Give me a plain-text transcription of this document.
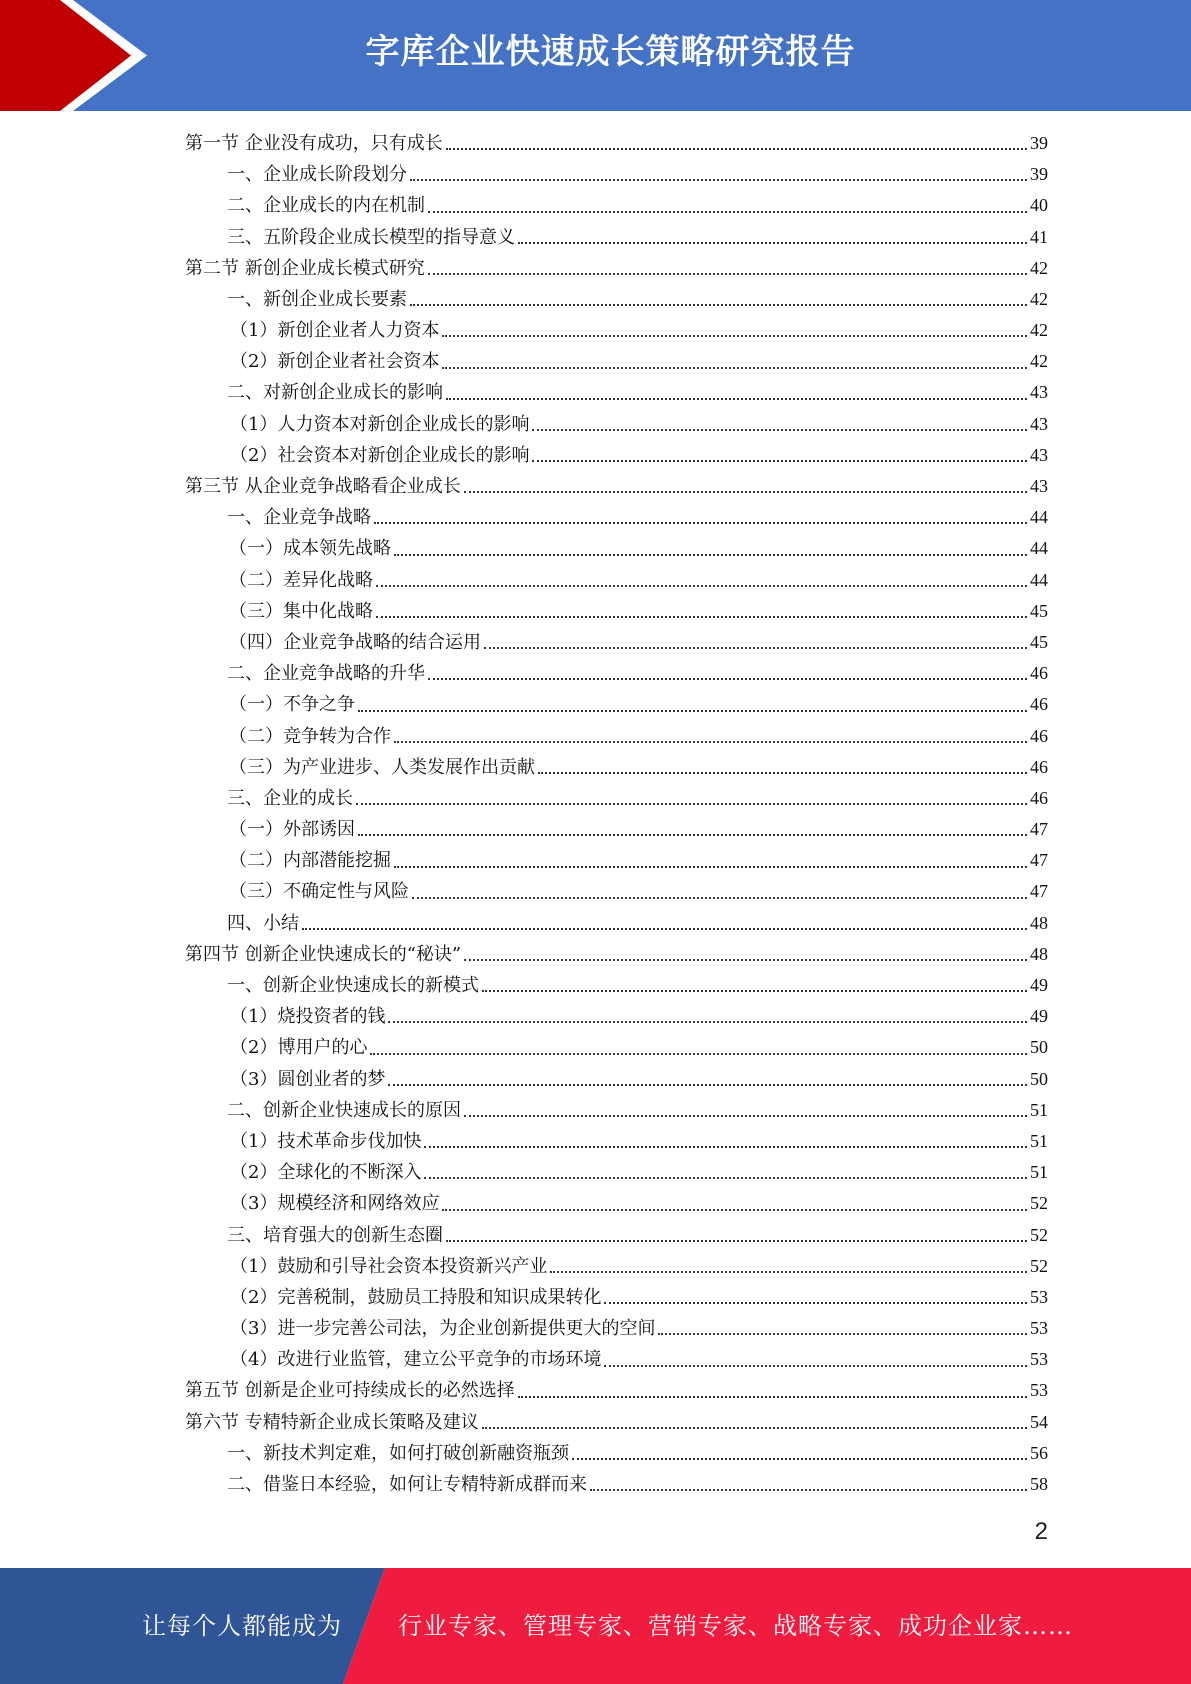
字库企业快速成长策略研究报告
第一节 企业没有成功，只有成长	39
一、企业成长阶段划分	39
二、企业成长的内在机制	40
三、五阶段企业成长模型的指导意义	41
第二节 新创企业成长模式研究	42
一、新创企业成长要素	42
（1）新创企业者人力资本	42
（2）新创企业者社会资本	42
二、对新创企业成长的影响	43
（1）人力资本对新创企业成长的影响	43
（2）社会资本对新创企业成长的影响	43
第三节 从企业竞争战略看企业成长	43
一、企业竞争战略	44
（一）成本领先战略	44
（二）差异化战略	44
（三）集中化战略	45
（四）企业竞争战略的结合运用	45
二、企业竞争战略的升华	46
（一）不争之争	46
（二）竞争转为合作	46
（三）为产业进步、人类发展作出贡献	46
三、企业的成长	46
（一）外部诱因	47
（二）内部潜能挖掘	47
（三）不确定性与风险	47
四、小结	48
第四节 创新企业快速成长的“秘诀”	48
一、创新企业快速成长的新模式	49
（1）烧投资者的钱	49
（2）博用户的心	50
（3）圆创业者的梦	50
二、创新企业快速成长的原因	51
（1）技术革命步伐加快	51
（2）全球化的不断深入	51
（3）规模经济和网络效应	52
三、培育强大的创新生态圈	52
（1）鼓励和引导社会资本投资新兴产业	52
（2）完善税制，鼓励员工持股和知识成果转化	53
（3）进一步完善公司法，为企业创新提供更大的空间	53
（4）改进行业监管，建立公平竞争的市场环境	53
第五节 创新是企业可持续成长的必然选择	53
第六节 专精特新企业成长策略及建议	54
一、新技术判定难，如何打破创新融资瓶颈	56
二、借鉴日本经验，如何让专精特新成群而来	58
2
让每个人都能成为 行业专家、管理专家、营销专家、战略专家、成功企业家……
